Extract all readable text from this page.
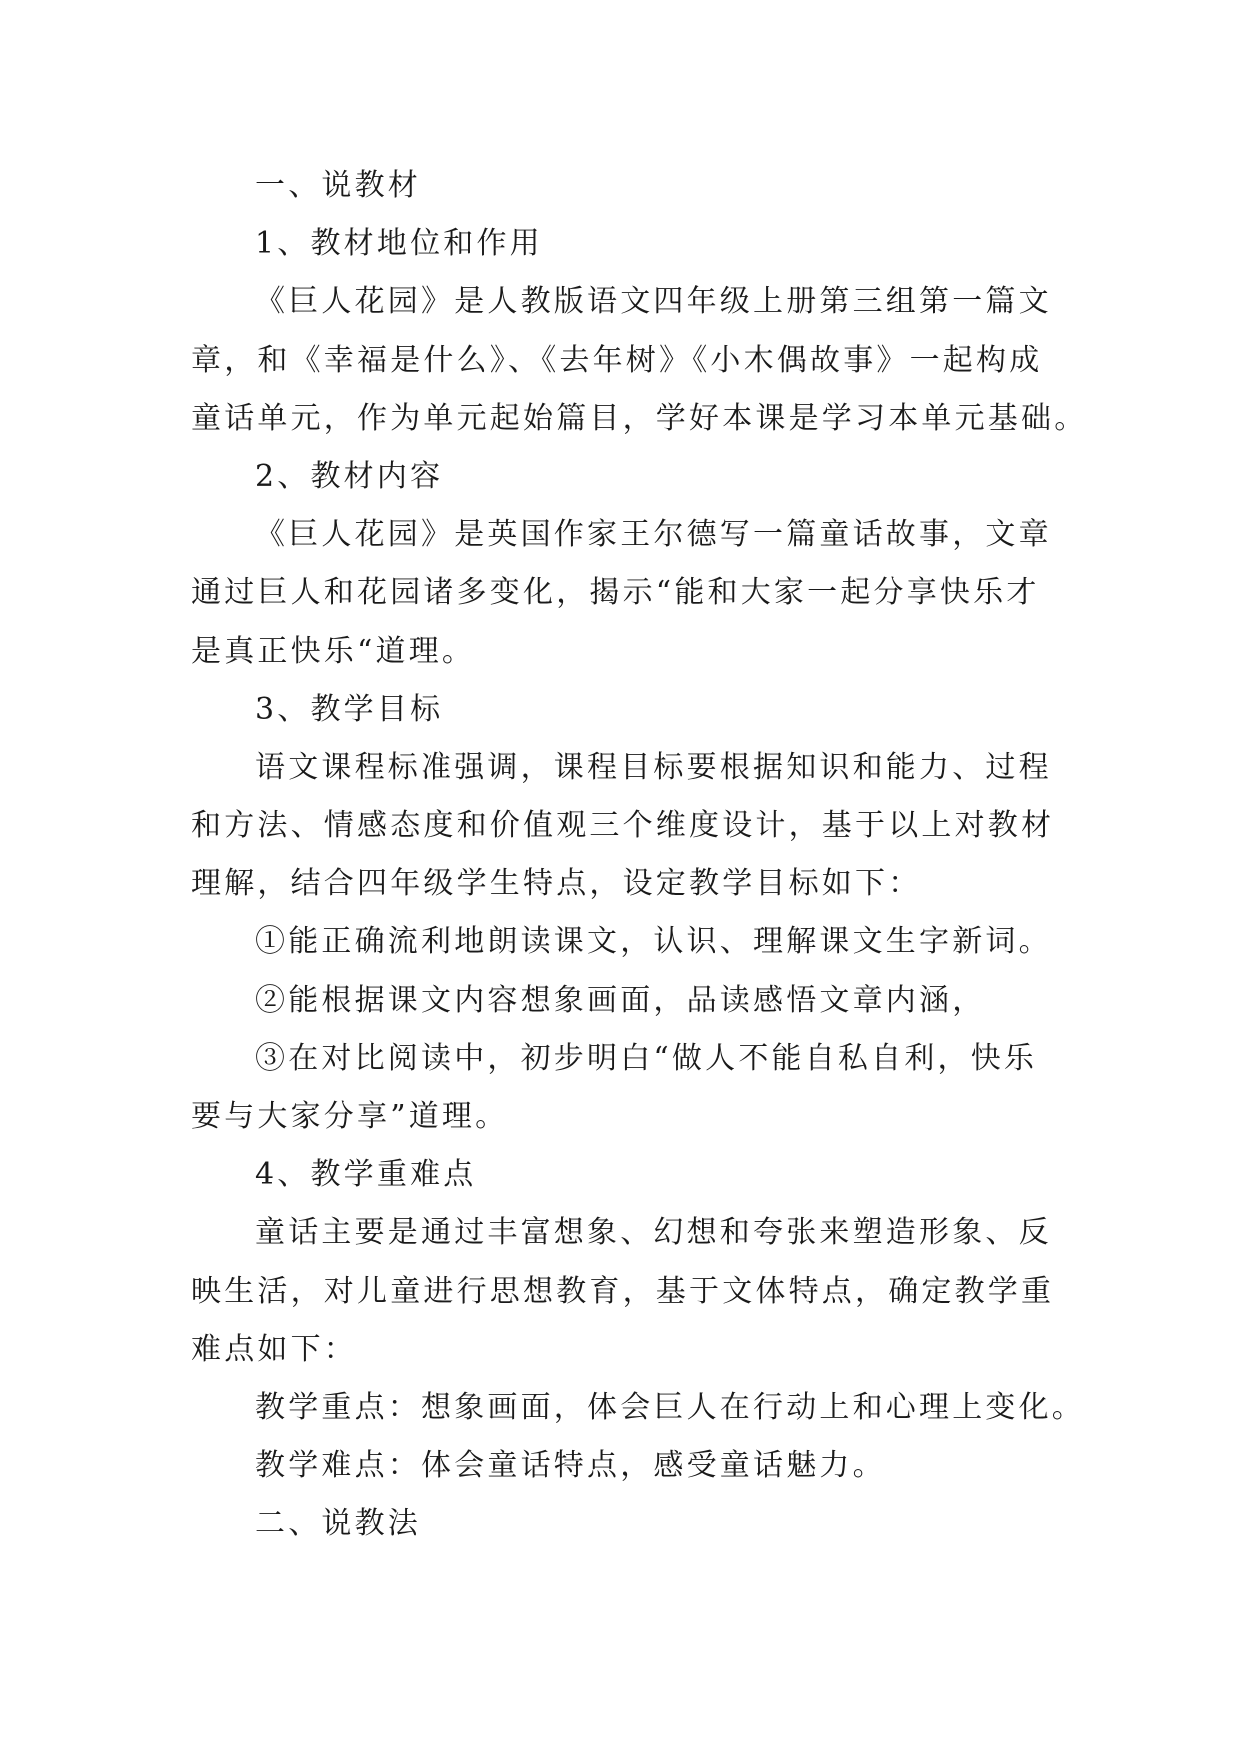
一、说教材
1、教材地位和作用
《巨人花园》是人教版语文四年级上册第三组第一篇文
章，和《幸福是什么》、《去年树》《小木偶故事》一起构成
童话单元，作为单元起始篇目，学好本课是学习本单元基础。
2、教材内容
《巨人花园》是英国作家王尔德写一篇童话故事，文章
通过巨人和花园诸多变化，揭示“能和大家一起分享快乐才
是真正快乐“道理。
3、教学目标
语文课程标准强调，课程目标要根据知识和能力、过程
和方法、情感态度和价值观三个维度设计，基于以上对教材
理解，结合四年级学生特点，设定教学目标如下：
①能正确流利地朗读课文，认识、理解课文生字新词。
②能根据课文内容想象画面，品读感悟文章内涵，
③在对比阅读中，初步明白“做人不能自私自利，快乐
要与大家分享”道理。
4、教学重难点
童话主要是通过丰富想象、幻想和夸张来塑造形象、反
映生活，对儿童进行思想教育，基于文体特点，确定教学重
难点如下：
教学重点：想象画面，体会巨人在行动上和心理上变化。
教学难点：体会童话特点，感受童话魅力。
二、说教法
